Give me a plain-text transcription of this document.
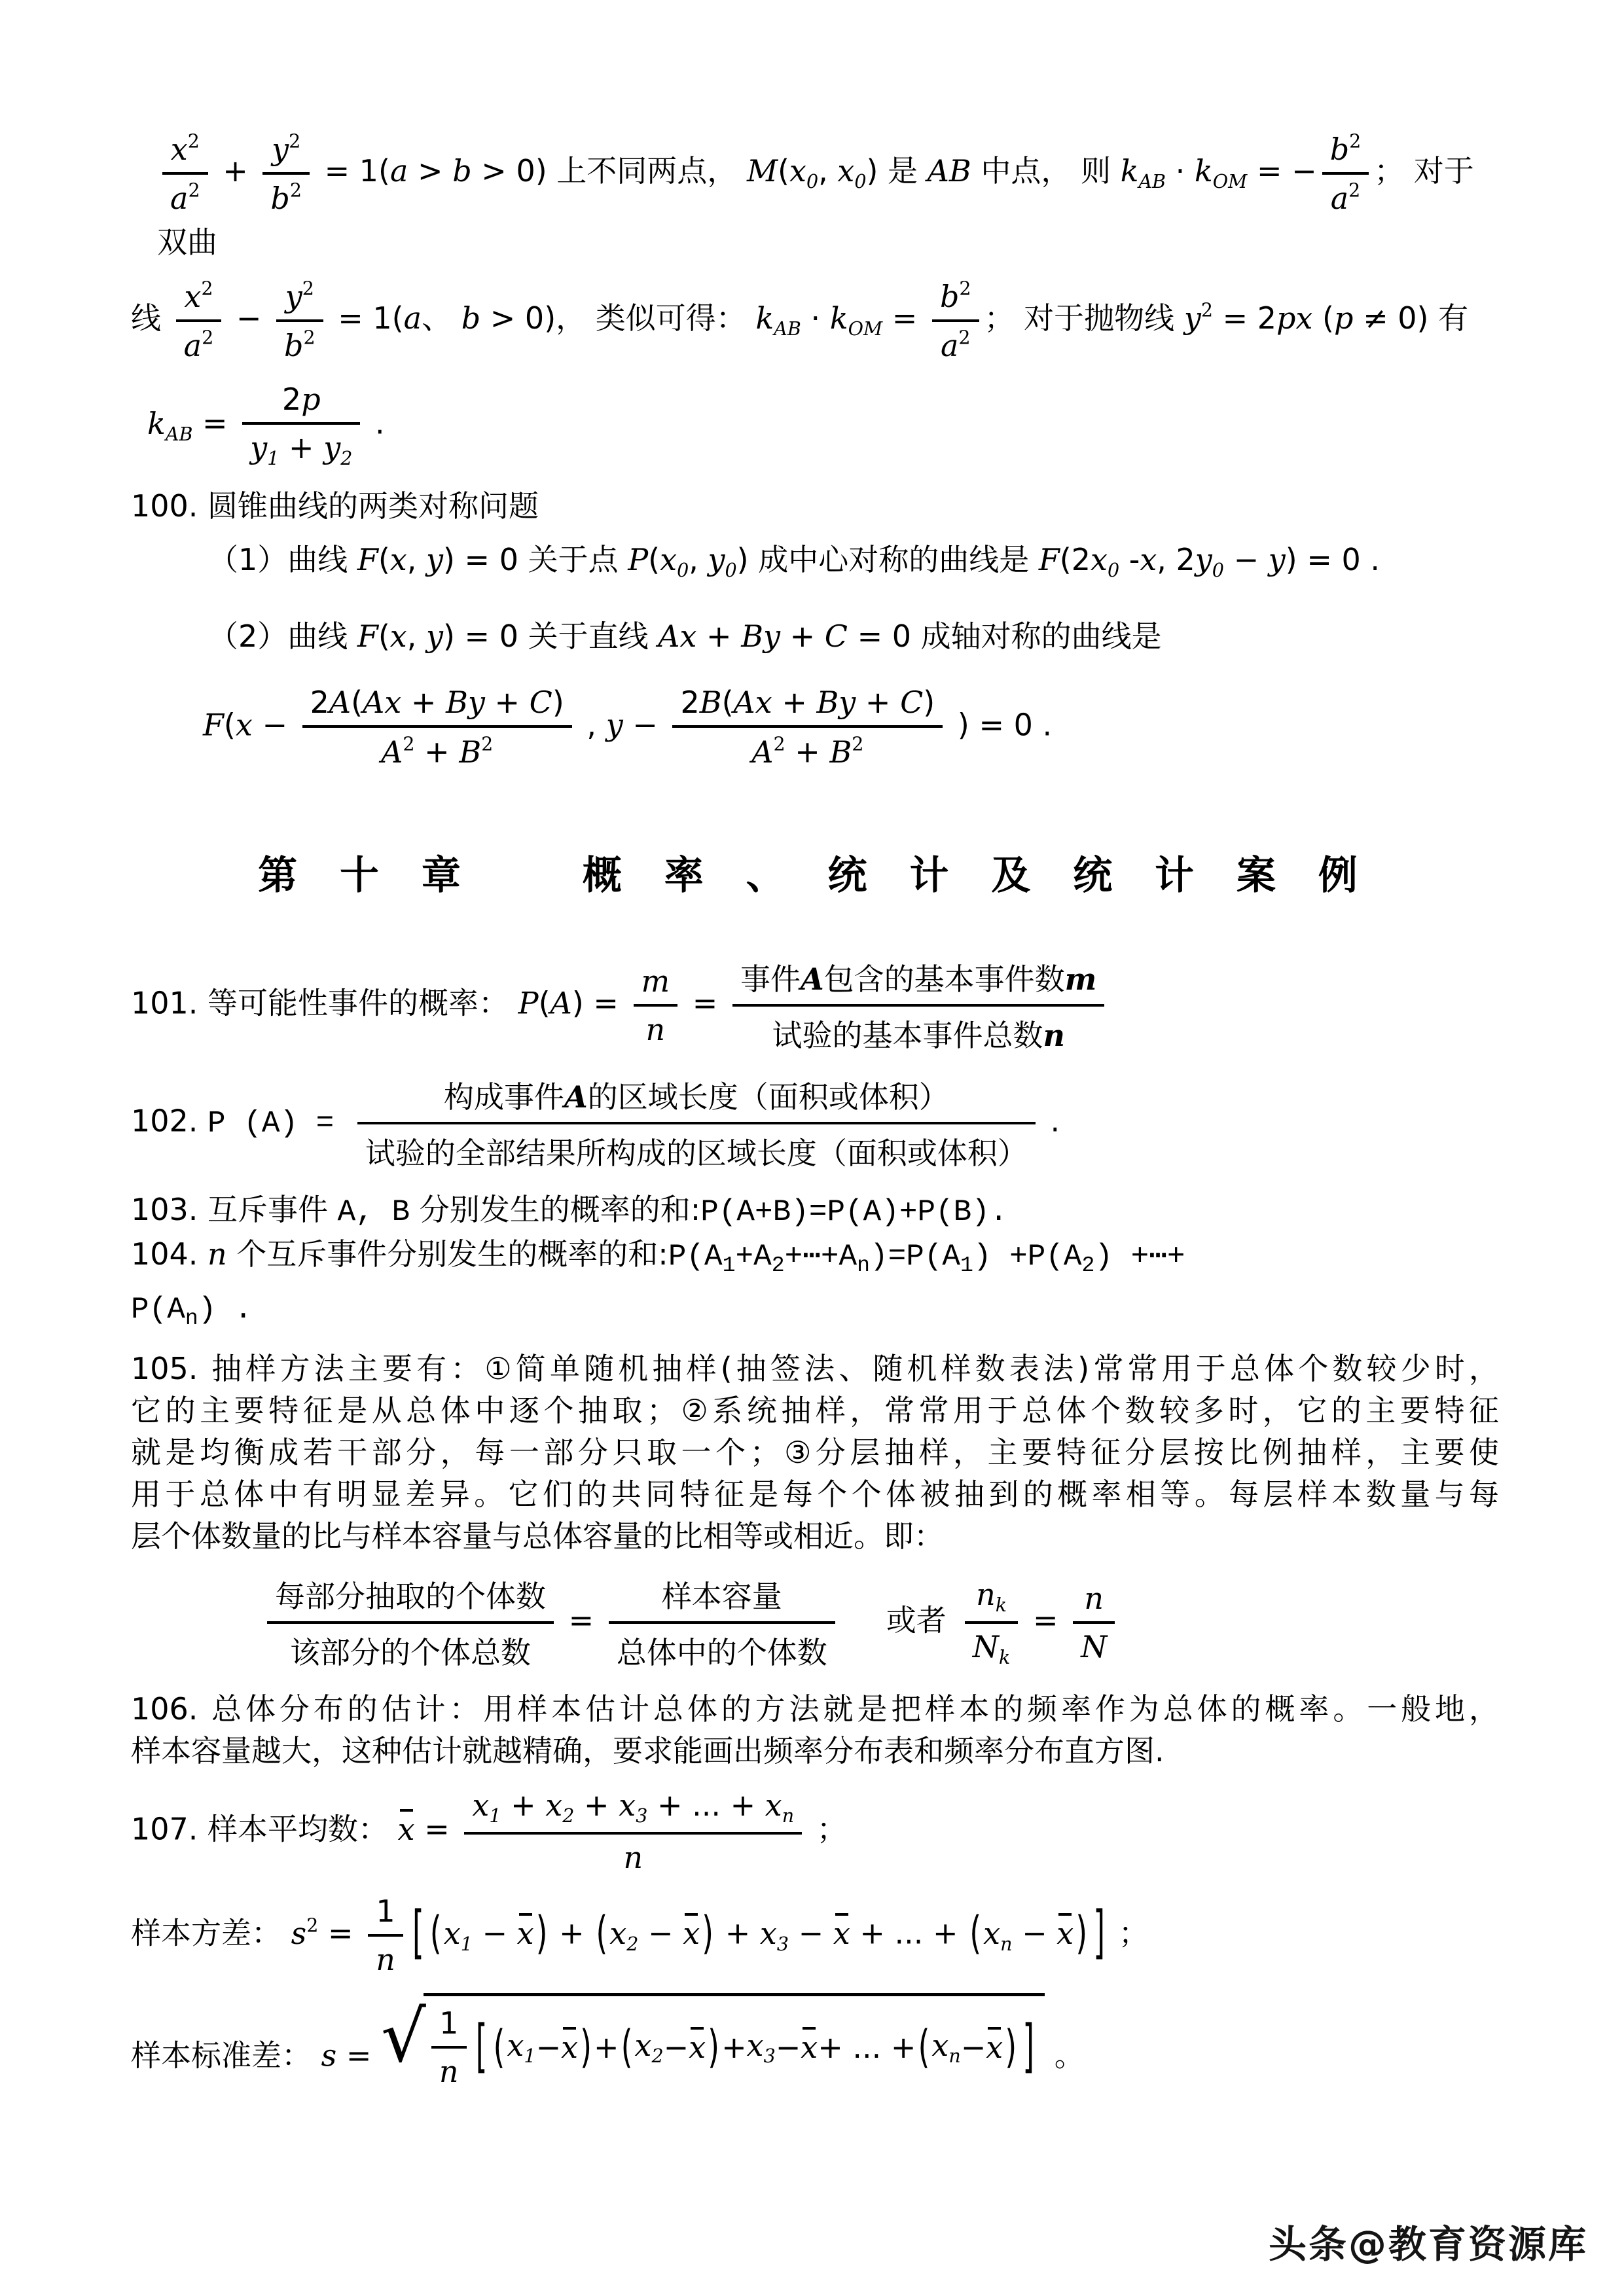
$\frac{x^2}{a^2} + \frac{y^2}{b^2} = 1(a > b > 0)$ 上不同两点， $M(x_0$, $x_0$) 是 AB 中点， 则 $k_{AB} \cdot k_{OM}$ = − $\frac{b^2}{a^2}$ ； 对于双曲
线 $\frac{x^2}{a^2} - \frac{y^2}{b^2} = 1(a$、 b > 0)， 类似可得： $k_{AB} \cdot k_{OM} = \frac{b^2}{a^2}$ ； 对于抛物线 $y^2 = 2px$ (p ≠ 0) 有
$k_{AB} = \frac{2p}{y_1 + y_2}$ .
100. 圆锥曲线的两类对称问题
（1）曲线 F(x, y) = 0 关于点 $P(x_0$, $y_0$) 成中心对称的曲线是 $F(2x_0$ -x, $2y_0 - y) = 0$ .
（2）曲线 F(x, y) = 0 关于直线 Ax + By + C = 0 成轴对称的曲线是
$F(x - \frac{2A(Ax + By + C)}{A^2 + B^2}$ , $y - \frac{2B(Ax + By + C)}{A^2 + B^2}$ ) = 0 .
第 十 章　　概 率 、 统 计 及 统 计 案 例
101. 等可能性事件的概率： $P(A) = \frac{m}{n} = \frac{\text{事件A包含的基本事件数m}}{\text{试验的基本事件总数n}}$
102. P $(A) = \frac{\text{构成事件A的区域长度（面积或体积）}}{\text{试验的全部结果所构成的区域长度（面积或体积）}}$ .
103. 互斥事件 A, B 分别发生的概率的和:P(A+B)=P(A)+P(B).
104. n 个互斥事件分别发生的概率的和$:P(A_1+A_2+\cdots+A_n)=P(A_1) +P(A_2)$ +⋯+
$P(A_n)$ .
105. 抽样方法主要有：①简单随机抽样(抽签法、随机样数表法)常常用于总体个数较少时，
它的主要特征是从总体中逐个抽取；②系统抽样，常常用于总体个数较多时，它的主要特征
就是均衡成若干部分，每一部分只取一个；③分层抽样，主要特征分层按比例抽样，主要使
用于总体中有明显差异。它们的共同特征是每个个体被抽到的概率相等。每层样本数量与每
层个体数量的比与样本容量与总体容量的比相等或相近。即：
$\frac{\text{每部分抽取的个体数}}{\text{该部分的个体总数}} = \frac{\text{样本容量}}{\text{总体中的个体数}}$ 或者 $\frac{n_k}{N_k} = \frac{n}{N}$
106. 总体分布的估计：用样本估计总体的方法就是把样本的频率作为总体的概率。一般地，
样本容量越大，这种估计就越精确，要求能画出频率分布表和频率分布直方图.
107. 样本平均数： $x = \frac{x_1 + x_2 + x_3 + ... + x_n}{n}$ ；
样本方差： $s^2 = \frac{1}{n}$ [ $(x_1 - x) + (x_2 - x) + x_3 - x$ + ... + $(x_n - x)$ ] ；
样本标准差： s = √ $\frac{1}{n}$ [ ( $x_1 - x$ ) + ( $x_2 - x$ ) + $x_3 - x$ + ... + ( $x_n - x$ ) ] 。
头条@教育资源库
